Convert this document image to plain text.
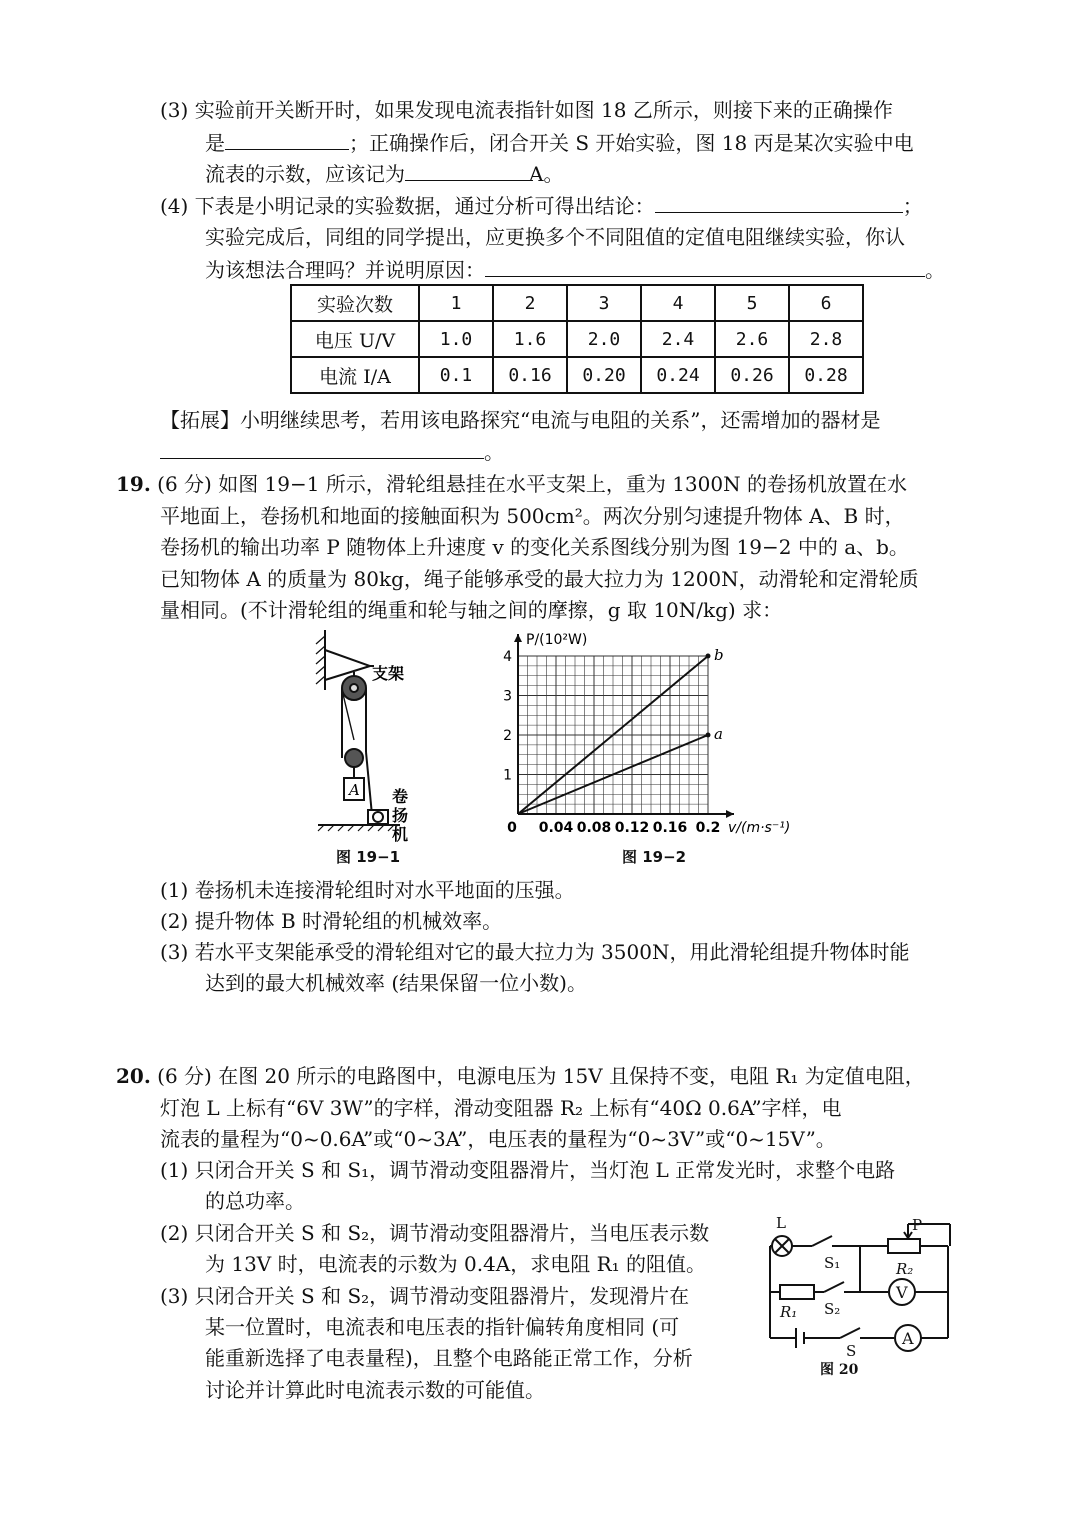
(3) 实验前开关断开时，如果发现电流表指针如图 18 乙所示，则接下来的正确操作
是	；正确操作后，闭合开关 S 开始实验，图 18 丙是某次实验中电
流表的示数，应该记为	A。
(4) 下表是小明记录的实验数据，通过分析可得出结论：	；
实验完成后，同组的同学提出，应更换多个不同阻值的定值电阻继续实验，你认
为该想法合理吗？并说明原因：	。
实验次数	1	2	3	4	5	6
电压 U/V	1.0	1.6	2.0	2.4	2.6	2.8
电流 I/A	0.1	0.16	0.20	0.24	0.26	0.28
【拓展】小明继续思考，若用该电路探究“电流与电阻的关系”，还需增加的器材是
。
19. (6 分) 如图 19−1 所示，滑轮组悬挂在水平支架上，重为 1300N 的卷扬机放置在水
平地面上，卷扬机和地面的接触面积为 500cm²。两次分别匀速提升物体 A、B 时，
卷扬机的输出功率 P 随物体上升速度 v 的变化关系图线分别为图 19−2 中的 a、b。
已知物体 A 的质量为 80kg，绳子能够承受的最大拉力为 1200N，动滑轮和定滑轮质
量相同。(不计滑轮组的绳重和轮与轴之间的摩擦，g 取 10N/kg) 求：
支架
A 卷
扬
机
图 19−1
0 0.04 0.08 0.12 0.16 0.2
1
2
3
4
v/(m·s⁻¹)
P/(10²W)
b
a
图 19−2
(1) 卷扬机未连接滑轮组时对水平地面的压强。
(2) 提升物体 B 时滑轮组的机械效率。
(3) 若水平支架能承受的滑轮组对它的最大拉力为 3500N，用此滑轮组提升物体时能
达到的最大机械效率 (结果保留一位小数)。
20. (6 分) 在图 20 所示的电路图中，电源电压为 15V 且保持不变，电阻 R₁ 为定值电阻，
灯泡 L 上标有“6V 3W”的字样，滑动变阻器 R₂ 上标有“40Ω 0.6A”字样，电
流表的量程为“0~0.6A”或“0~3A”，电压表的量程为“0~3V”或“0~15V”。
(1) 只闭合开关 S 和 S₁，调节滑动变阻器滑片，当灯泡 L 正常发光时，求整个电路
的总功率。
(2) 只闭合开关 S 和 S₂，调节滑动变阻器滑片，当电压表示数
为 13V 时，电流表的示数为 0.4A，求电阻 R₁ 的阻值。
(3) 只闭合开关 S 和 S₂，调节滑动变阻器滑片，发现滑片在
某一位置时，电流表和电压表的指针偏转角度相同 (可
能重新选择了电表量程)，且整个电路能正常工作，分析
讨论并计算此时电流表示数的可能值。
L
S₁
P
R₂
R₁ S₂
V
S
A
图 20
